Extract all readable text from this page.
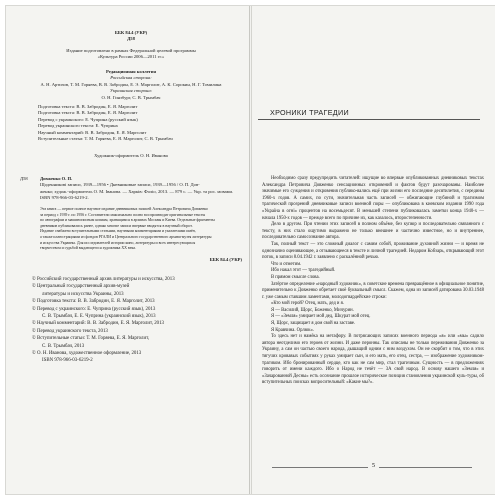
ББК 84.4 (УКР)
Д58
Издание подготовлено в рамках Федеральной целевой программы
«Культура России 2006—2011 гг.»
Редакционная коллегия
Российская сторона:
А. Н. Артизов, Т. М. Горяева, В. В. Забродин, Е. Э. Марголит, А. К. Сорокин, Н. Г. Томилина
Украинская сторона:
О. Н. Гинзбург, С. В. Трымбач
Подготовка текста: В. В. Забродин, Е. Я. Марголит
Подготовка текста: В. В. Забродин, Е. Я. Марголит
Перевод с украинского: Е. Чуприна (русский язык)
Перевод украинского текста: Е. Чуприна
Научный комментарий: В. В. Забродин, Е. Я. Марголит
Вступительные статьи: Т. М. Горяева, Е. Я. Марголит, С. В. Трымбач
Художник-оформитель О. Н. Иванова
Д58	Довженко О. П.
Щоденникові записи, 1939—1956 • Дневниковые записи, 1939—1956 / О. П. Дов-
женко; худож.-оформитель О. М. Іванова. — Харків: Фоліо, 2013. — 879 с. — Укр. та рос. мовами.
ISBN 978-966-03-6219-2.
Эта книга — первое полное научное издание дневниковых записей Александра Петровича Довженко
за период с 1939 г. по 1956 г. Составители максимально полно воспроизводят оригинальные тексты
по автографам и машинописным копиям, хранящимся в архивах Москвы и Киева. Отдельные фрагменты
дневников публиковались ранее, однако многие записи впервые вводятся в научный оборот.
Издание снабжено вступительными статьями, научными комментариями и указателями имён,
а также иллюстрациями из фондов РГАЛИ и Центрального государственного архива-музея литературы
и искусства Украины. Для исследователей истории кино, литературы и всех интересующихся
творчеством и судьбой выдающегося художника ХХ века.
ББК 84.4 (УКР)
© Российский государственный архив литературы и искусства, 2013
© Центральный государственный архив-музей
литературы и искусства Украины, 2013
© Подготовка текста: В. В. Забродин, Е. Я. Марголит, 2013
© Перевод с украинского: Е. Чуприна (русский язык), 2013
С. В. Трымбач, Е. Е. Чуприна (украинский язык), 2013
© Научный комментарий: В. В. Забродин, Е. Я. Марголит, 2013
© Перевод украинского текста, 2013
© Вступительные статьи: Т. М. Горяева, Е. Я. Марголит,
С. В. Трымбач, 2013
© О. Н. Иванова, художественное оформление, 2013
ISBN 978-966-03-6219-2
ХРОНИКИ ТРАГЕДИИ

Необходимо сразу предупредить читателей: ищущие во впервые опубликованных дневниковых текстах Александра Петровича Довженко сенсационных откровений и фактов будут разочарованы. Наиболее значимые его суждения и откровения публико-вались ещё при жизни его последние десятилетия, с середины 1960-х годов. А самих, по сути, значительная часть записей — обжигающие глубиной и трагизмом трагической прозрений дневниковые записи военной поры — опубликована в киевском издании 1990 года «Україна в огні» процентов на восемьдесят. В меньшей степени публиковалась заметки конца 1940-х — начала 1950-х годов — прежде всего по причине их, как казалось, второстепенности.

Дело в другом. При чтении этих записей в полном объёме, без купюр и последовательно связанного с тексту, в них стало ощутимо выражено не только внешнее и частично известное, но и внутреннее, последовательно самосознание автора.

Так, полный текст — это сложный диалог с самим собой, проживание духовной жизни — и время не однозначно оценивающее, а отзывающееся в тексте и личной трагедией. Недаром Кобзарь, открывающий этот поток, в записи 8.04.1942 г. заявлено с раскалённой речью.

Что и отметим.

Ибо накал этот — трагедийный.

В прямом смысле слова.

Затёртое определение «народный художник», в советские времена превращённое в официальное понятие, применительно к Довженко обретает своё буквальный смысл. Скажем, одна из записей датирована 30.03.1948 г. уже самым ставшим ламентами, молодогвардейские строки:

«Кто мой герой? Отец, мать, дед и я.

Я — Василий, Щорс, Боженко, Мичурин.

Я — «Земля» умирает мой дед, Шкурат мой отец.

Я, Щорс, защищает я дом свой на заставе.

Я Кравчина. Орлюк».

То здесь нет и намёка на метафору. В потрясающих записях военного периода «я» или «мы» садило автора неотделимо его героев от жизни. И даже перонны. Так описаны не только переживания Довженко за Украину, а сам он частью своего народа, дышащий одним с ним воздухом. Он не скорбит о том, что в этих тягучих кровавых событиях у руках умирает сын, и его мать, его отец, сестра, — изображение художником-трагиком. Ибо бронированный сердце, кто как не сам мир, стал трагичным. Сущность — в предложениях говорить от имени каждого. Ибо о Народ не течёт — 3А свой народ. В основу нашего «Земля» и «Зачарованной Десны» есть осознание прошлое историческое позиция становления украинской куль-туры, об вступительных поисках вопросительный: «Какие мы?».

5
